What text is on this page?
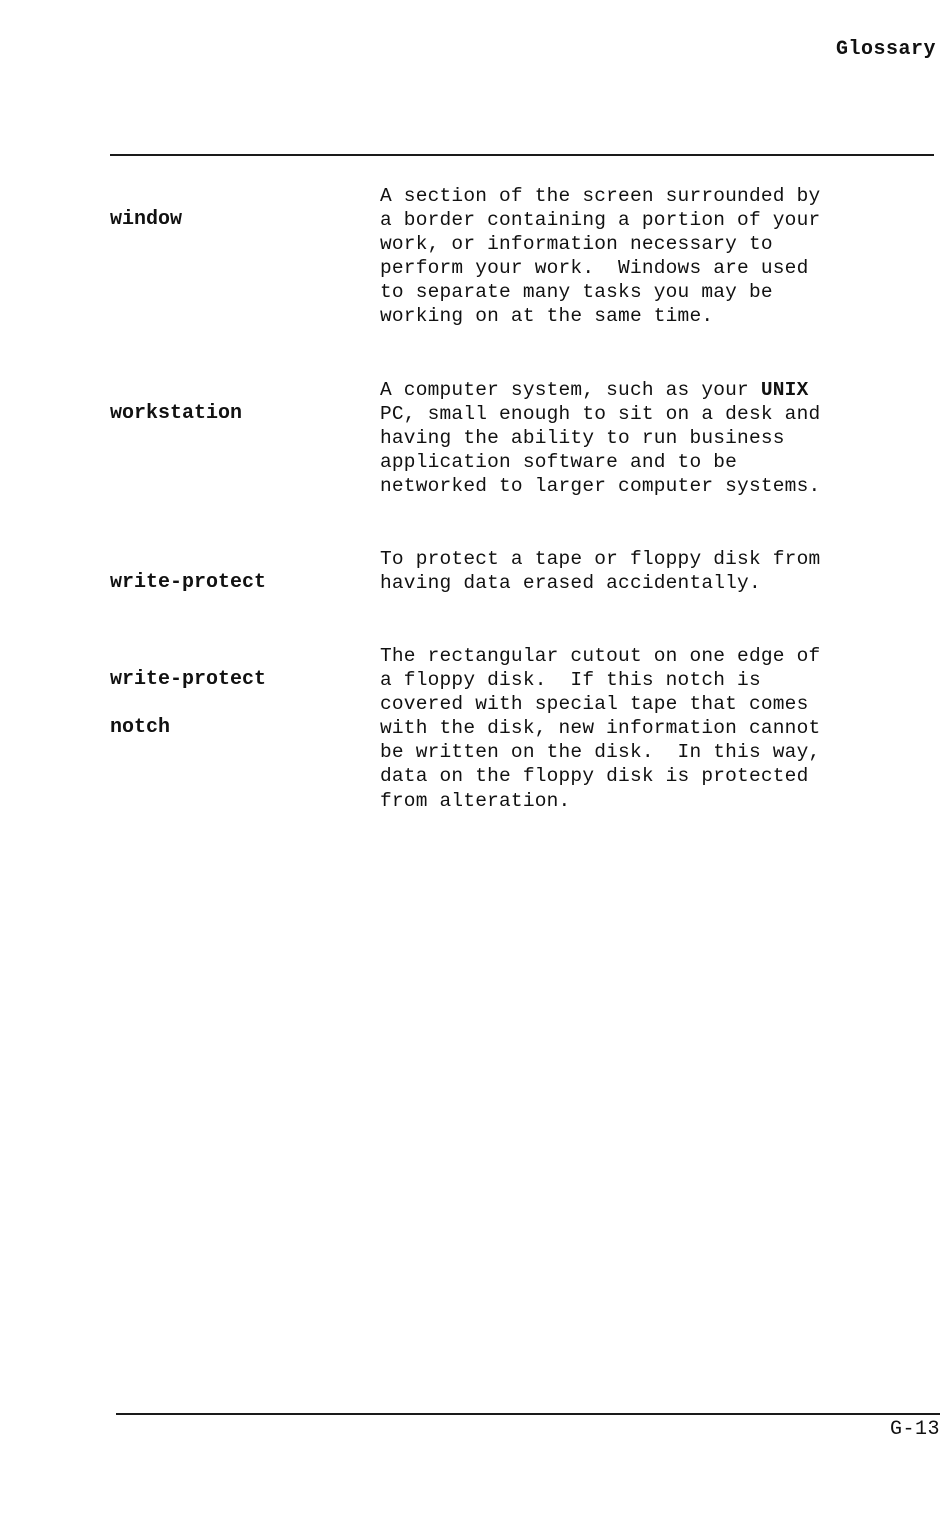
Glossary

window

A section of the screen surrounded by
a border containing a portion of your
work, or information necessary to
perform your work.  Windows are used
to separate many tasks you may be
working on at the same time.

workstation

A computer system, such as your UNIX
PC, small enough to sit on a desk and
having the ability to run business
application software and to be
networked to larger computer systems.

write-protect

To protect a tape or floppy disk from
having data erased accidentally.

write-protect

notch

The rectangular cutout on one edge of
a floppy disk.  If this notch is
covered with special tape that comes
with the disk, new information cannot
be written on the disk.  In this way,
data on the floppy disk is protected
from alteration.
G-13
